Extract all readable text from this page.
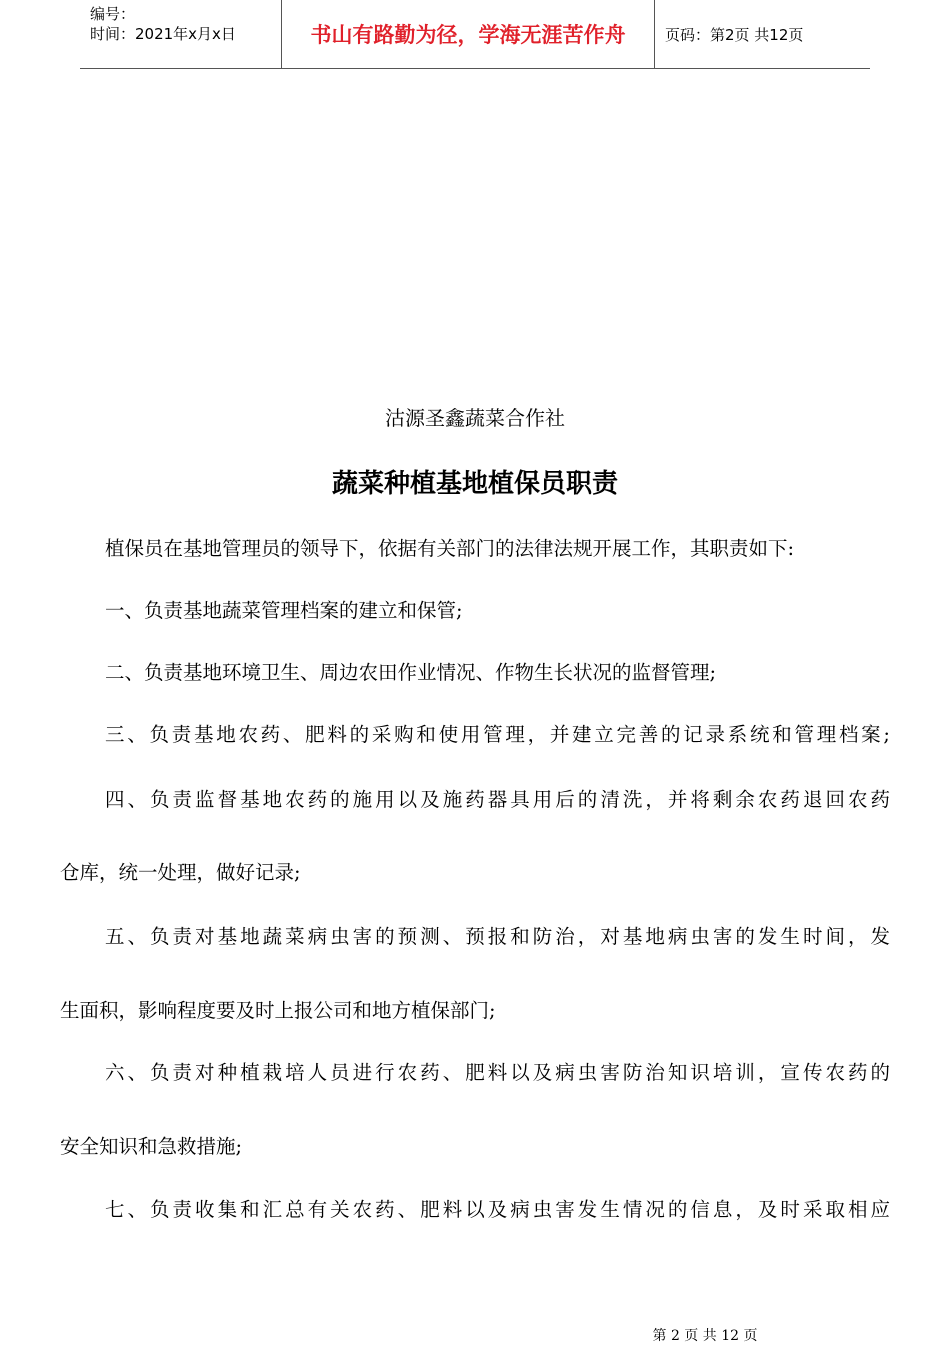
编号：
时间：2021年x月x日	书山有路勤为径，学海无涯苦作舟	页码：第2页 共12页
沽源圣鑫蔬菜合作社
蔬菜种植基地植保员职责
植保员在基地管理员的领导下，依据有关部门的法律法规开展工作，其职责如下:
一、负责基地蔬菜管理档案的建立和保管;
二、负责基地环境卫生、周边农田作业情况、作物生长状况的监督管理;
三、负责基地农药、肥料的采购和使用管理，并建立完善的记录系统和管理档案;
四、负责监督基地农药的施用以及施药器具用后的清洗，并将剩余农药退回农药
仓库，统一处理，做好记录;
五、负责对基地蔬菜病虫害的预测、预报和防治，对基地病虫害的发生时间，发
生面积，影响程度要及时上报公司和地方植保部门;
六、负责对种植栽培人员进行农药、肥料以及病虫害防治知识培训，宣传农药的
安全知识和急救措施;
七、负责收集和汇总有关农药、肥料以及病虫害发生情况的信息，及时采取相应
第 2 页 共 12 页
